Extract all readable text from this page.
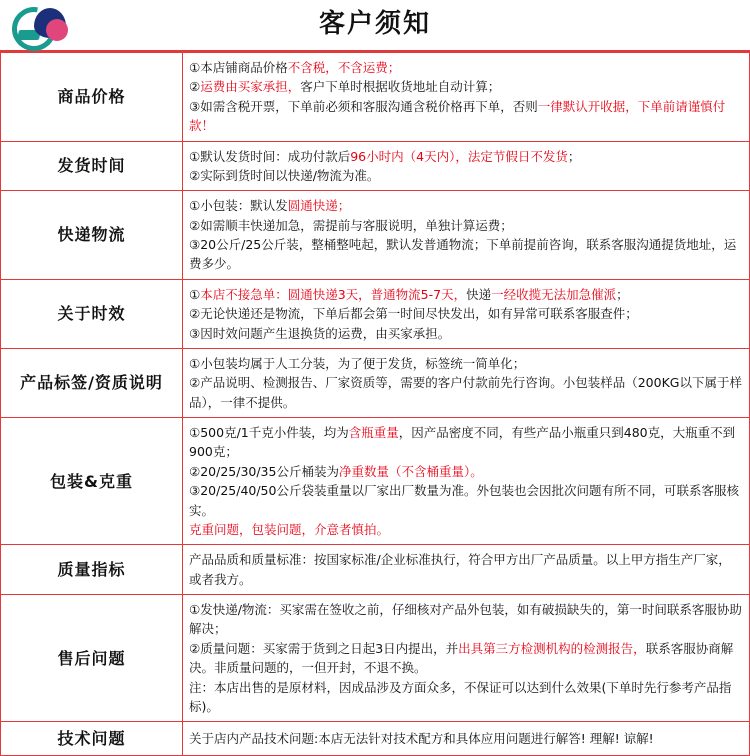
客户须知
商品价格	①本店铺商品价格不含税，不含运费；

②运费由买家承担，客户下单时根据收货地址自动计算；

③如需含税开票，下单前必须和客服沟通含税价格再下单，否则一律默认开收据，下单前请谨慎付款！

发货时间	①默认发货时间：成功付款后96小时内（4天内），法定节假日不发货；

②实际到货时间以快递/物流为准。

快递物流	①小包装：默认发圆通快递；

②如需顺丰快递加急，需提前与客服说明，单独计算运费；

③20公斤/25公斤装，整桶整吨起，默认发普通物流；下单前提前咨询，联系客服沟通提货地址，运费多少。

关于时效	①本店不接急单：圆通快递3天，普通物流5-7天，快递一经收揽无法加急催派；

②无论快递还是物流，下单后都会第一时间尽快发出，如有异常可联系客服查件；

③因时效问题产生退换货的运费，由买家承担。

产品标签/资质说明	①小包装均属于人工分装，为了便于发货，标签统一简单化；

②产品说明、检测报告、厂家资质等，需要的客户付款前先行咨询。小包装样品（200KG以下属于样品），一律不提供。

包装&克重	①500克/1千克小件装，均为含瓶重量，因产品密度不同，有些产品小瓶重只到480克，大瓶重不到900克；

②20/25/30/35公斤桶装为净重数量（不含桶重量）。

③20/25/40/50公斤袋装重量以厂家出厂数量为准。外包装也会因批次问题有所不同，可联系客服核实。

克重问题，包装问题，介意者慎拍。

质量指标	产品品质和质量标准：按国家标准/企业标准执行，符合甲方出厂产品质量。以上甲方指生产厂家，或者我方。

售后问题	①发快递/物流：买家需在签收之前，仔细核对产品外包装，如有破损缺失的，第一时间联系客服协助解决；

②质量问题：买家需于货到之日起3日内提出，并出具第三方检测机构的检测报告，联系客服协商解决。非质量问题的，一但开封，不退不换。

注：本店出售的是原材料，因成品涉及方面众多，不保证可以达到什么效果(下单时先行参考产品指标)。

技术问题	关于店内产品技术问题:本店无法针对技术配方和具体应用问题进行解答! 理解! 谅解!
